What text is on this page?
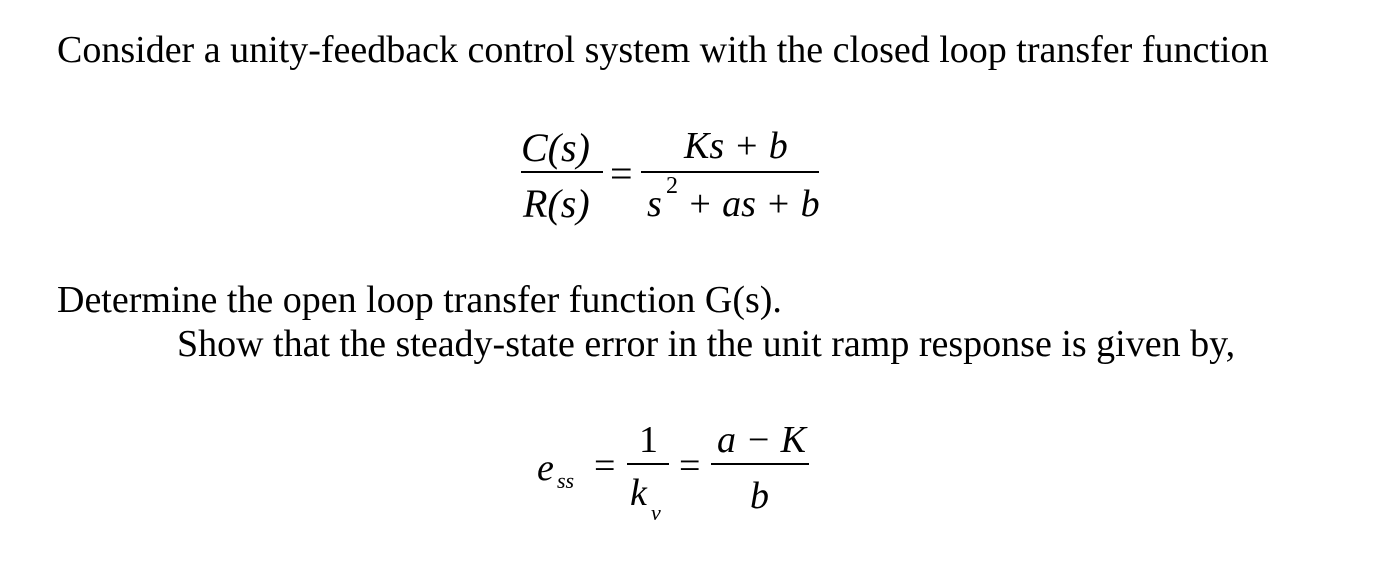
Consider a unity-feedback control system with the closed loop transfer function
C(s)
R(s)
=
Ks + b
s 2 + as + b
Determine the open loop transfer function G(s).
Show that the steady-state error in the unit ramp response is given by,
e ss =
1
k v
=
a − K
b
